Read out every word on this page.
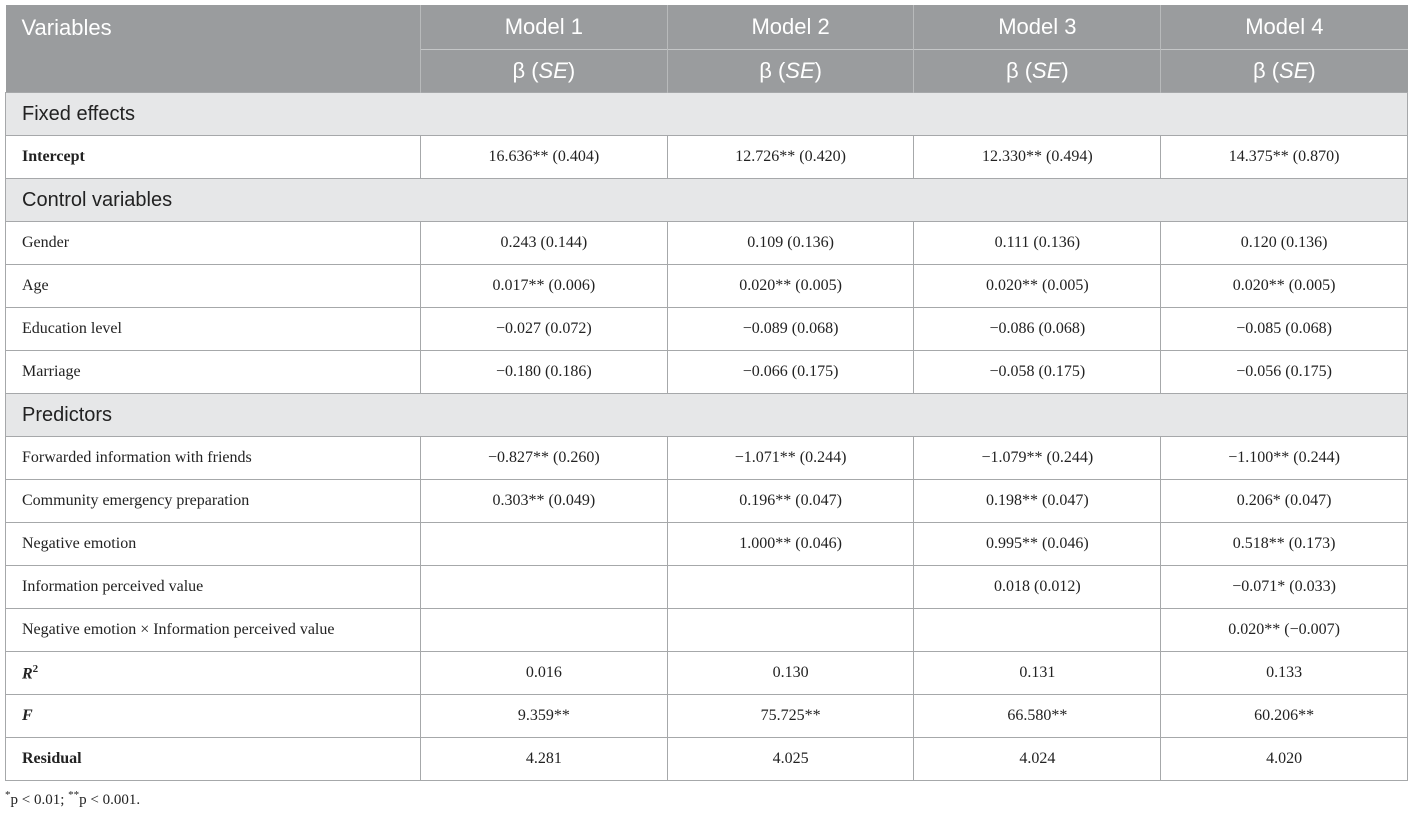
Variables	Model 1	Model 2	Model 3	Model 4
	β (SE)	β (SE)	β (SE)	β (SE)
Fixed effects				
Intercept	16.636** (0.404)	12.726** (0.420)	12.330** (0.494)	14.375** (0.870)
Control variables				
Gender	0.243 (0.144)	0.109 (0.136)	0.111 (0.136)	0.120 (0.136)
Age	0.017** (0.006)	0.020** (0.005)	0.020** (0.005)	0.020** (0.005)
Education level	−0.027 (0.072)	−0.089 (0.068)	−0.086 (0.068)	−0.085 (0.068)
Marriage	−0.180 (0.186)	−0.066 (0.175)	−0.058 (0.175)	−0.056 (0.175)
Predictors				
Forwarded information with friends	−0.827** (0.260)	−1.071** (0.244)	−1.079** (0.244)	−1.100** (0.244)
Community emergency preparation	0.303** (0.049)	0.196** (0.047)	0.198** (0.047)	0.206* (0.047)
Negative emotion		1.000** (0.046)	0.995** (0.046)	0.518** (0.173)
Information perceived value			0.018 (0.012)	−0.071* (0.033)
Negative emotion × Information perceived value				0.020** (−0.007)
$R^2$	0.016	0.130	0.131	0.133
F	9.359**	75.725**	66.580**	60.206**
Residual	4.281	4.025	4.024	4.020
*p < 0.01; **p < 0.001.
